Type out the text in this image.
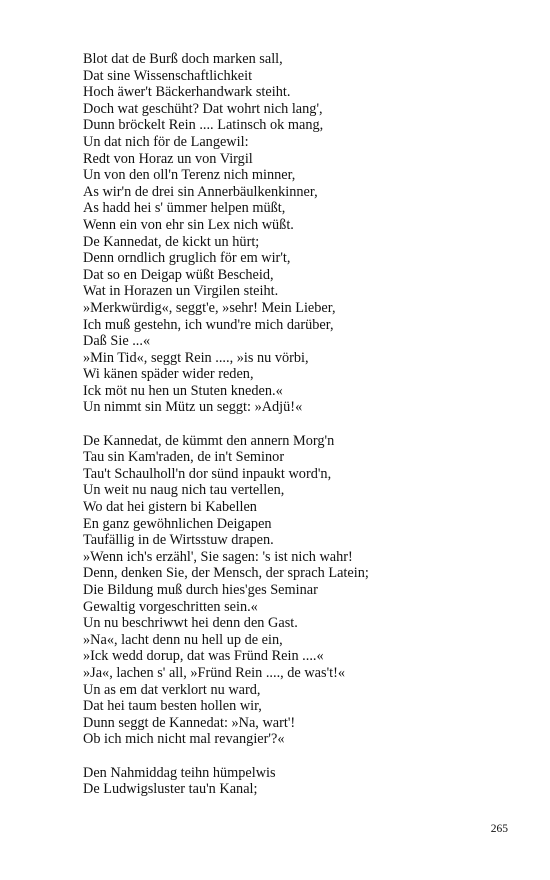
Blot dat de Burß doch marken sall,
Dat sine Wissenschaftlichkeit
Hoch äwer't Bäckerhandwark steiht.
Doch wat geschüht? Dat wohrt nich lang',
Dunn bröckelt Rein .... Latinsch ok mang,
Un dat nich för de Langewil:
Redt von Horaz un von Virgil
Un von den oll'n Terenz nich minner,
As wir'n de drei sin Annerbäulkenkinner,
As hadd hei s' ümmer helpen müßt,
Wenn ein von ehr sin Lex nich wüßt.
De Kannedat, de kickt un hürt;
Denn orndlich gruglich för em wir't,
Dat so en Deigap wüßt Bescheid,
Wat in Horazen un Virgilen steiht.
»Merkwürdig«, seggt'e, »sehr! Mein Lieber,
Ich muß gestehn, ich wund're mich darüber,
Daß Sie ...«
»Min Tid«, seggt Rein ...., »is nu vörbi,
Wi känen späder wider reden,
Ick möt nu hen un Stuten kneden.«
Un nimmt sin Mütz un seggt: »Adjü!«
De Kannedat, de kümmt den annern Morg'n
Tau sin Kam'raden, de in't Seminor
Tau't Schaulholl'n dor sünd inpaukt word'n,
Un weit nu naug nich tau vertellen,
Wo dat hei gistern bi Kabellen
En ganz gewöhnlichen Deigapen
Taufällig in de Wirtsstuw drapen.
»Wenn ich's erzähl', Sie sagen: 's ist nich wahr!
Denn, denken Sie, der Mensch, der sprach Latein;
Die Bildung muß durch hies'ges Seminar
Gewaltig vorgeschritten sein.«
Un nu beschriwwt hei denn den Gast.
»Na«, lacht denn nu hell up de ein,
»Ick wedd dorup, dat was Fründ Rein ....«
»Ja«, lachen s' all, »Fründ Rein ...., de was't!«
Un as em dat verklort nu ward,
Dat hei taum besten hollen wir,
Dunn seggt de Kannedat: »Na, wart'!
Ob ich mich nicht mal revangier'?«
Den Nahmiddag teihn hümpelwis
De Ludwigsluster tau'n Kanal;
265
